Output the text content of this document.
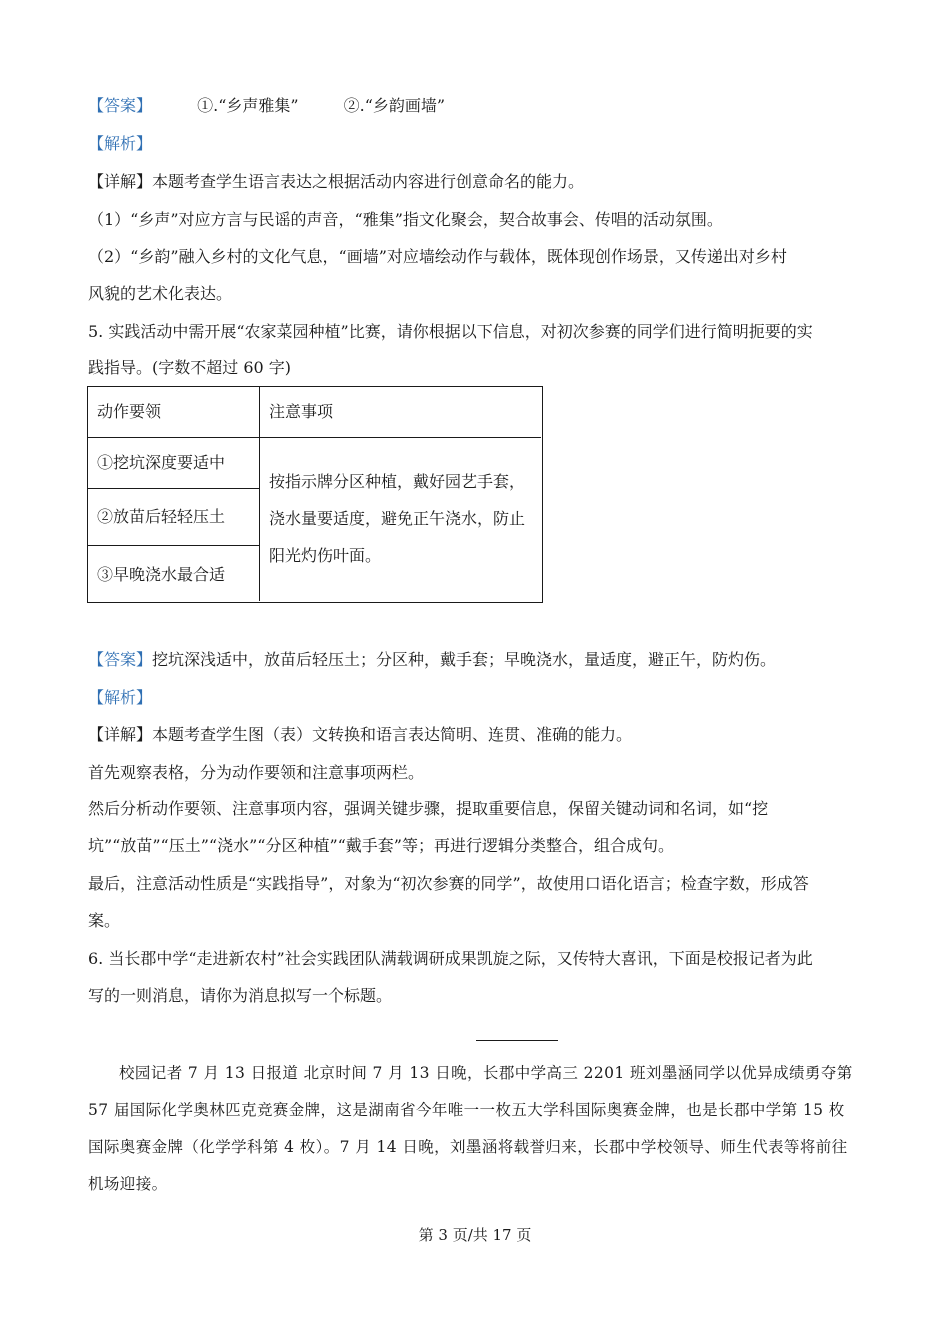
【答案】	①.“乡声雅集”	②.“乡韵画墙”
【解析】
【详解】本题考查学生语言表达之根据活动内容进行创意命名的能力。
（1）“乡声”对应方言与民谣的声音，“雅集”指文化聚会，契合故事会、传唱的活动氛围。
（2）“乡韵”融入乡村的文化气息，“画墙”对应墙绘动作与载体，既体现创作场景，又传递出对乡村
风貌的艺术化表达。
5. 实践活动中需开展“农家菜园种植”比赛，请你根据以下信息，对初次参赛的同学们进行简明扼要的实
践指导。(字数不超过 60 字)
动作要领	注意事项
①挖坑深度要适中
②放苗后轻轻压土
③早晚浇水最合适
按指示牌分区种植，戴好园艺手套，
浇水量要适度，避免正午浇水，防止
阳光灼伤叶面。
【答案】挖坑深浅适中，放苗后轻压土；分区种，戴手套；早晚浇水，量适度，避正午，防灼伤。
【解析】
【详解】本题考查学生图（表）文转换和语言表达简明、连贯、准确的能力。
首先观察表格，分为动作要领和注意事项两栏。
然后分析动作要领、注意事项内容，强调关键步骤，提取重要信息，保留关键动词和名词，如“挖
坑”“放苗”“压土”“浇水”“分区种植”“戴手套”等；再进行逻辑分类整合，组合成句。
最后，注意活动性质是“实践指导”，对象为“初次参赛的同学”，故使用口语化语言；检查字数，形成答
案。
6. 当长郡中学“走进新农村”社会实践团队满载调研成果凯旋之际，又传特大喜讯，下面是校报记者为此
写的一则消息，请你为消息拟写一个标题。
校园记者 7 月 13 日报道 北京时间 7 月 13 日晚，长郡中学高三 2201 班刘墨涵同学以优异成绩勇夺第
57 届国际化学奥林匹克竞赛金牌，这是湖南省今年唯一一枚五大学科国际奥赛金牌，也是长郡中学第 15 枚
国际奥赛金牌（化学学科第 4 枚）。7 月 14 日晚，刘墨涵将载誉归来，长郡中学校领导、师生代表等将前往
机场迎接。
第 3 页/共 17 页
